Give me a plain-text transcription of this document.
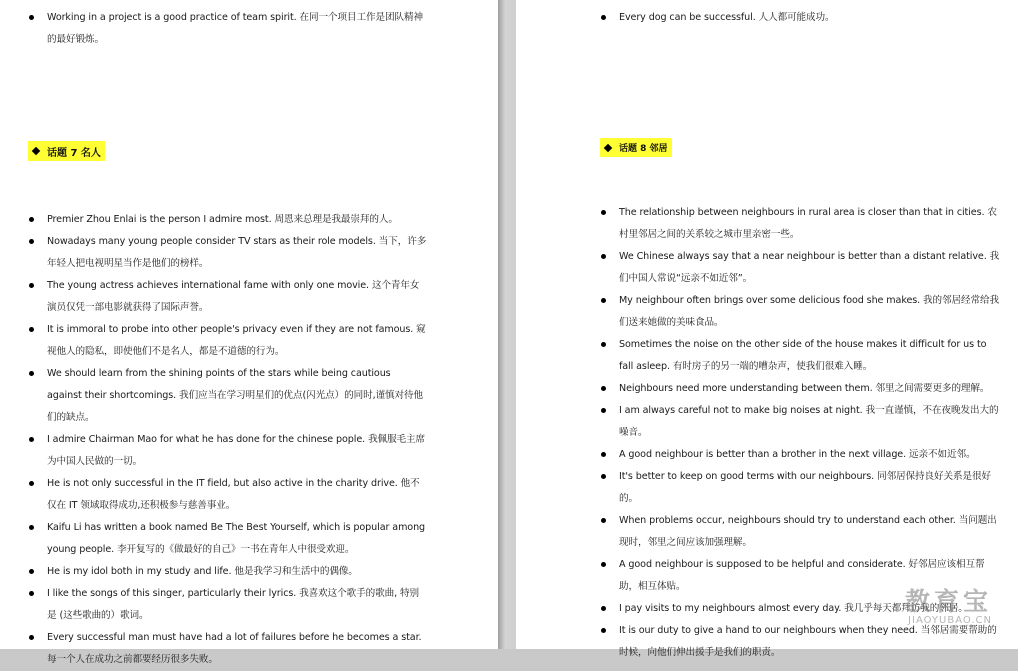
Working in a project is a good practice of team spirit. 在同一个项目工作是团队精神的最好锻炼。
话题 7 名人
Premier Zhou Enlai is the person I admire most. 周恩来总理是我最崇拜的人。
Nowadays many young people consider TV stars as their role models. 当下，许多年轻人把电视明星当作是他们的榜样。
The young actress achieves international fame with only one movie. 这个青年女演员仅凭一部电影就获得了国际声誉。
It is immoral to probe into other people's privacy even if they are not famous. 窥视他人的隐私，即使他们不是名人，都是不道德的行为。
We should learn from the shining points of the stars while being cautious against their shortcomings. 我们应当在学习明星们的优点(闪光点）的同时,谨慎对待他们的缺点。
I admire Chairman Mao for what he has done for the chinese pople. 我佩服毛主席为中国人民做的一切。
He is not only successful in the IT field, but also active in the charity drive. 他不仅在 IT 领域取得成功,还积极参与慈善事业。
Kaifu Li has written a book named Be The Best Yourself, which is popular among young people. 李开复写的《做最好的自己》一书在青年人中很受欢迎。
He is my idol both in my study and life. 他是我学习和生活中的偶像。
I like the songs of this singer, particularly their lyrics. 我喜欢这个歌手的歌曲, 特别是 (这些歌曲的）歌词。
Every successful man must have had a lot of failures before he becomes a star. 每一个人在成功之前都要经历很多失败。
Every dog can be successful. 人人都可能成功。
话题 8 邻居
The relationship between neighbours in rural area is closer than that in cities. 农村里邻居之间的关系较之城市里亲密一些。
We Chinese always say that a near neighbour is better than a distant relative. 我们中国人常说“远亲不如近邻”。
My neighbour often brings over some delicious food she makes. 我的邻居经常给我们送来她做的美味食品。
Sometimes the noise on the other side of the house makes it difficult for us to fall asleep. 有时房子的另一端的嘈杂声，使我们很难入睡。
Neighbours need more understanding between them. 邻里之间需要更多的理解。
I am always careful not to make big noises at night. 我一直谨慎，不在夜晚发出大的噪音。
A good neighbour is better than a brother in the next village. 远亲不如近邻。
It's better to keep on good terms with our neighbours. 同邻居保持良好关系是很好的。
When problems occur, neighbours should try to understand each other. 当问题出现时，邻里之间应该加强理解。
A good neighbour is supposed to be helpful and considerate. 好邻居应该相互帮助，相互体贴。
I pay visits to my neighbours almost every day. 我几乎每天都拜访我的邻居。
It is our duty to give a hand to our neighbours when they need. 当邻居需要帮助的时候，向他们伸出援手是我们的职责。
教育宝
JIAOYUBAO.CN
